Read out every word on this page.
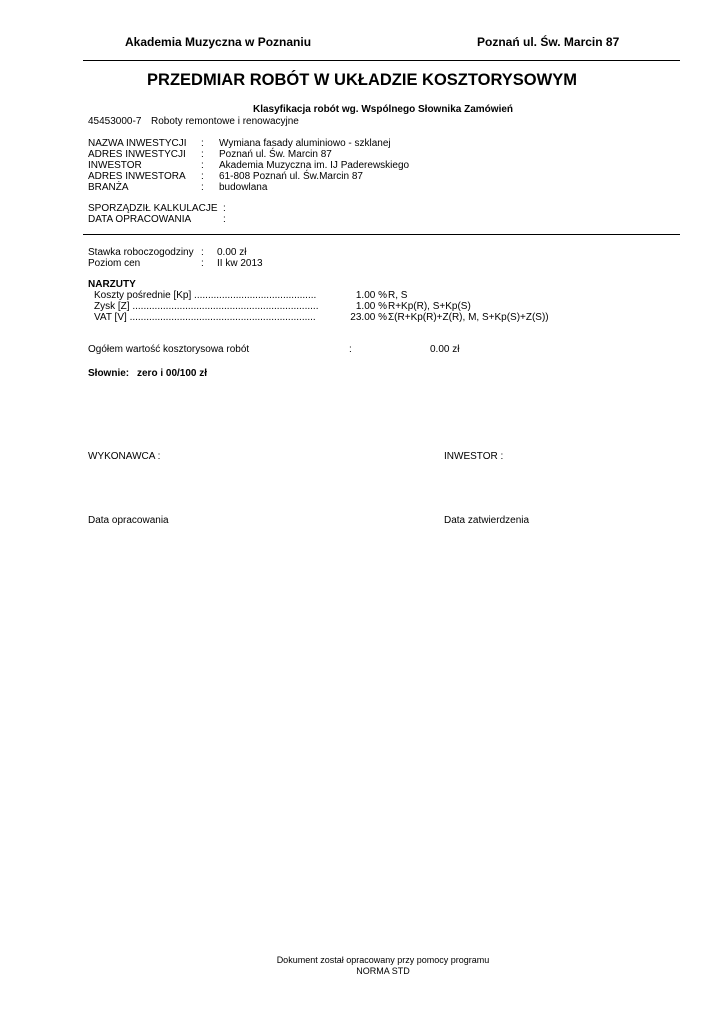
Akademia Muzyczna w Poznaniu	Poznań ul. Św. Marcin 87
PRZEDMIAR ROBÓT W UKŁADZIE KOSZTORYSOWYM
Klasyfikacja robót wg. Wspólnego Słownika Zamówień
45453000-7 Roboty remontowe i renowacyjne
NAZWA INWESTYCJI : Wymiana fasady aluminiowo - szklanej
ADRES INWESTYCJI : Poznań ul. Św. Marcin 87
INWESTOR	: Akademia Muzyczna im. IJ Paderewskiego
ADRES INWESTORA : 61-808 Poznań ul. Św.Marcin 87
BRANŻA	: budowlana
SPORZĄDZIŁ KALKULACJE :
DATA OPRACOWANIA	:
Stawka roboczogodziny : 0.00 zł
Poziom cen	: II kw 2013
NARZUTY
Koszty pośrednie [Kp] ............................................	1.00 % R, S
Zysk [Z] ...................................................................	1.00 % R+Kp(R), S+Kp(S)
VAT [V] ...................................................................	23.00 % Σ(R+Kp(R)+Z(R), M, S+Kp(S)+Z(S))
Ogółem wartość kosztorysowa robót	:	0.00 zł
Słownie: zero i 00/100 zł
WYKONAWCA :	INWESTOR :
Data opracowania	Data zatwierdzenia
Dokument został opracowany przy pomocy programu
NORMA STD
